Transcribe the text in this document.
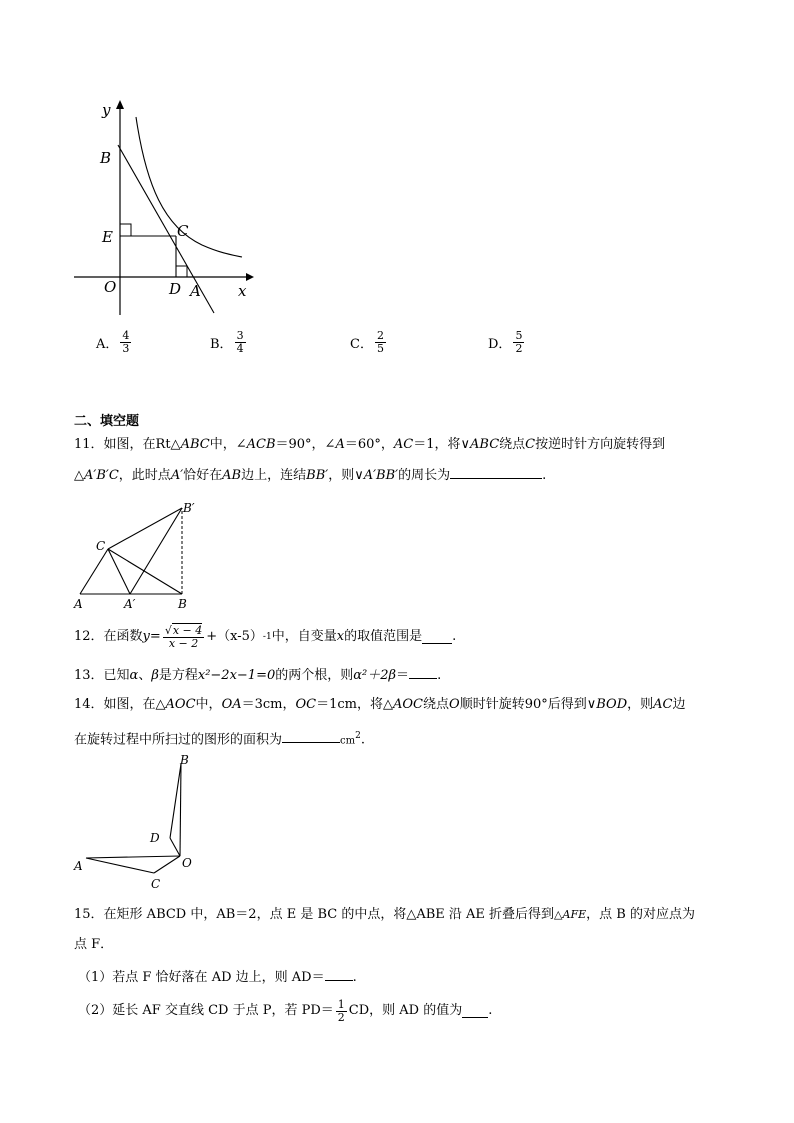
y
B
E	C
O	D A x
A． $\frac{4}{3}$	B． $\frac{3}{4}$	C． $\frac{2}{5}$	D． $\frac{5}{2}$
二、填空题
11．如图，在Rt△ABC中，∠ACB＝90°，∠A＝60°，AC＝1，将∨ABC绕点C按逆时针方向旋转得到
△A′B′C，此时点A′恰好在AB边上，连结BB′，则∨A′BB′的周长为	.
B′
C
A	A′	B
12．在函数 $y = \frac{√x - 4}{x - 2} +(x-5)$ -1 中，自变量 x 的取值范围是 .
13．已知α、β是方程x²−2x−1=0的两个根，则α²＋2β＝ .
14．如图，在△AOC中，OA＝3cm，OC＝1cm，将△AOC绕点O顺时针旋转90°后得到∨BOD，则AC边
在旋转过程中所扫过的图形的面积为	$cm^2$.
B
D
O
A
C
15．在矩形 ABCD 中，AB＝2，点 E 是 BC 的中点，将△ABE 沿 AE 折叠后得到△AFE，点 B 的对应点为
点 F．
（1）若点 F 恰好落在 AD 边上，则 AD＝ .
（2）延长 AF 交直线 CD 于点 P，若 $PD= \frac{1}{2}$ CD，则 AD 的值为 .
